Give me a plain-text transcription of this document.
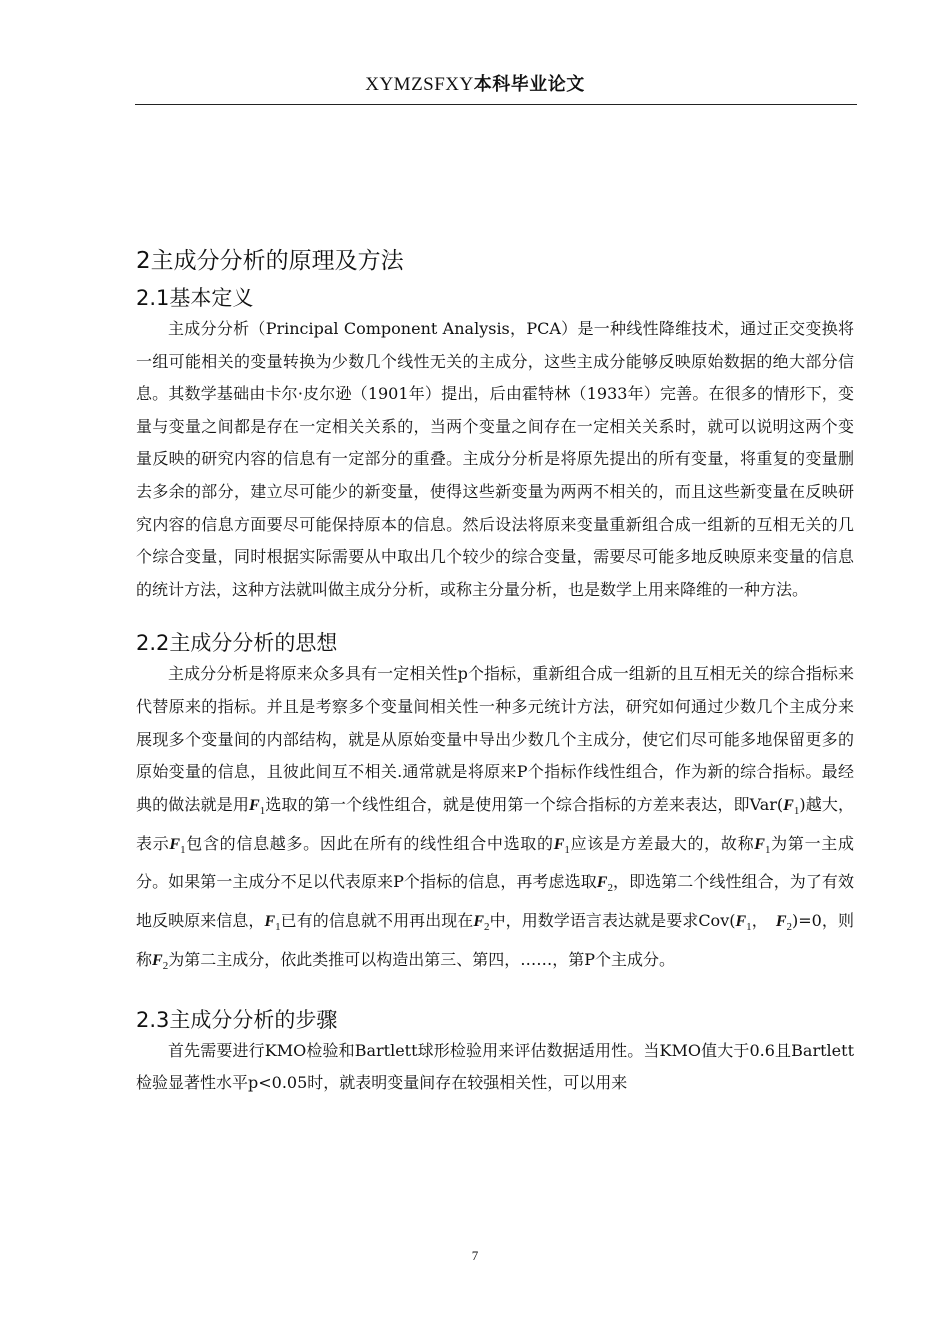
XYMZSFXY本科毕业论文
2主成分分析的原理及方法
2.1基本定义

主成分分析（Principal Component Analysis，PCA）是一种线性降维技术，通过正交变换将一组可能相关的变量转换为少数几个线性无关的主成分，这些主成分能够反映原始数据的绝大部分信息。其数学基础由卡尔·皮尔逊（1901年）提出，后由霍特林（1933年）完善。在很多的情形下，变量与变量之间都是存在一定相关关系的，当两个变量之间存在一定相关关系时，就可以说明这两个变量反映的研究内容的信息有一定部分的重叠。主成分分析是将原先提出的所有变量，将重复的变量删去多余的部分，建立尽可能少的新变量，使得这些新变量为两两不相关的，而且这些新变量在反映研究内容的信息方面要尽可能保持原本的信息。然后设法将原来变量重新组合成一组新的互相无关的几个综合变量，同时根据实际需要从中取出几个较少的综合变量，需要尽可能多地反映原来变量的信息的统计方法，这种方法就叫做主成分分析，或称主分量分析，也是数学上用来降维的一种方法。

2.2主成分分析的思想

主成分分析是将原来众多具有一定相关性p个指标，重新组合成一组新的且互相无关的综合指标来代替原来的指标。并且是考察多个变量间相关性一种多元统计方法，研究如何通过少数几个主成分来展现多个变量间的内部结构，就是从原始变量中导出少数几个主成分，使它们尽可能多地保留更多的原始变量的信息，且彼此间互不相关.通常就是将原来P个指标作线性组合，作为新的综合指标。最经典的做法就是用$F_1$选取的第一个线性组合，就是使用第一个综合指标的方差来表达，即$Var(F_1)$越大，表示$F_1$包含的信息越多。因此在所有的线性组合中选取的$F_1$应该是方差最大的，故称$F_1$为第一主成分。如果第一主成分不足以代表原来P个指标的信息，再考虑选取$F_2$，即选第二个线性组合，为了有效地反映原来信息，$F_1$已有的信息就不用再出现在$F_2$中，用数学语言表达就是要求$Cov(F_1$，　$F_2)=0$，则称$F_2$为第二主成分，依此类推可以构造出第三、第四，……，第P个主成分。

2.3主成分分析的步骤

首先需要进行KMO检验和Bartlett球形检验用来评估数据适用性。当KMO值大于0.6且Bartlett检验显著性水平p<0.05时，就表明变量间存在较强相关性，可以用来

7
